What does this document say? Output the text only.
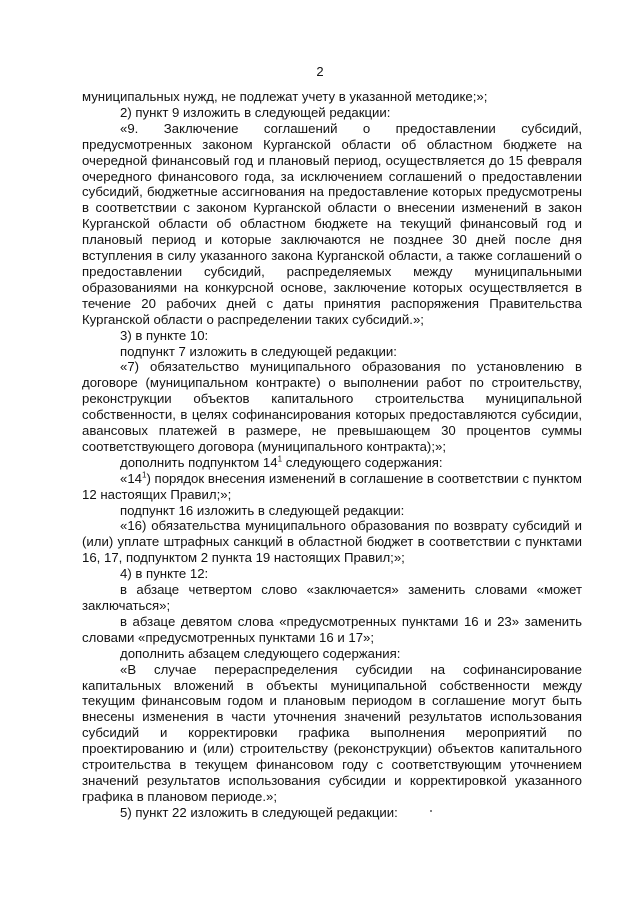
2

муниципальных нужд, не подлежат учету в указанной методике;»;

2) пункт 9 изложить в следующей редакции:

«9. Заключение соглашений о предоставлении субсидий, предусмотренных законом Курганской области об областном бюджете на очередной финансовый год и плановый период, осуществляется до 15 февраля очередного финансового года, за исключением соглашений о предоставлении субсидий, бюджетные ассигнования на предоставление которых предусмотрены в соответствии с законом Курганской области о внесении изменений в закон Курганской области об областном бюджете на текущий финансовый год и плановый период и которые заключаются не позднее 30 дней после дня вступления в силу указанного закона Курганской области, а также соглашений о предоставлении субсидий, распределяемых между муниципальными образованиями на конкурсной основе, заключение которых осуществляется в течение 20 рабочих дней с даты принятия распоряжения Правительства Курганской области о распределении таких субсидий.»;

3) в пункте 10:

подпункт 7 изложить в следующей редакции:

«7) обязательство муниципального образования по установлению в договоре (муниципальном контракте) о выполнении работ по строительству, реконструкции объектов капитального строительства муниципальной собственности, в целях софинансирования которых предоставляются субсидии, авансовых платежей в размере, не превышающем 30 процентов суммы соответствующего договора (муниципального контракта);»;

дополнить подпунктом $14^1$ следующего содержания:

«$14^1$) порядок внесения изменений в соглашение в соответствии с пунктом 12 настоящих Правил;»;

подпункт 16 изложить в следующей редакции:

«16) обязательства муниципального образования по возврату субсидий и (или) уплате штрафных санкций в областной бюджет в соответствии с пунктами 16, 17, подпунктом 2 пункта 19 настоящих Правил;»;

4) в пункте 12:

в абзаце четвертом слово «заключается» заменить словами «может заключаться»;

в абзаце девятом слова «предусмотренных пунктами 16 и 23» заменить словами «предусмотренных пунктами 16 и 17»;

дополнить абзацем следующего содержания:

«В случае перераспределения субсидии на софинансирование капитальных вложений в объекты муниципальной собственности между текущим финансовым годом и плановым периодом в соглашение могут быть внесены изменения в части уточнения значений результатов использования субсидий и корректировки графика выполнения мероприятий по проектированию и (или) строительству (реконструкции) объектов капитального строительства в текущем финансовом году с соответствующим уточнением значений результатов использования субсидии и корректировкой указанного графика в плановом периоде.»;

5) пункт 22 изложить в следующей редакции:
